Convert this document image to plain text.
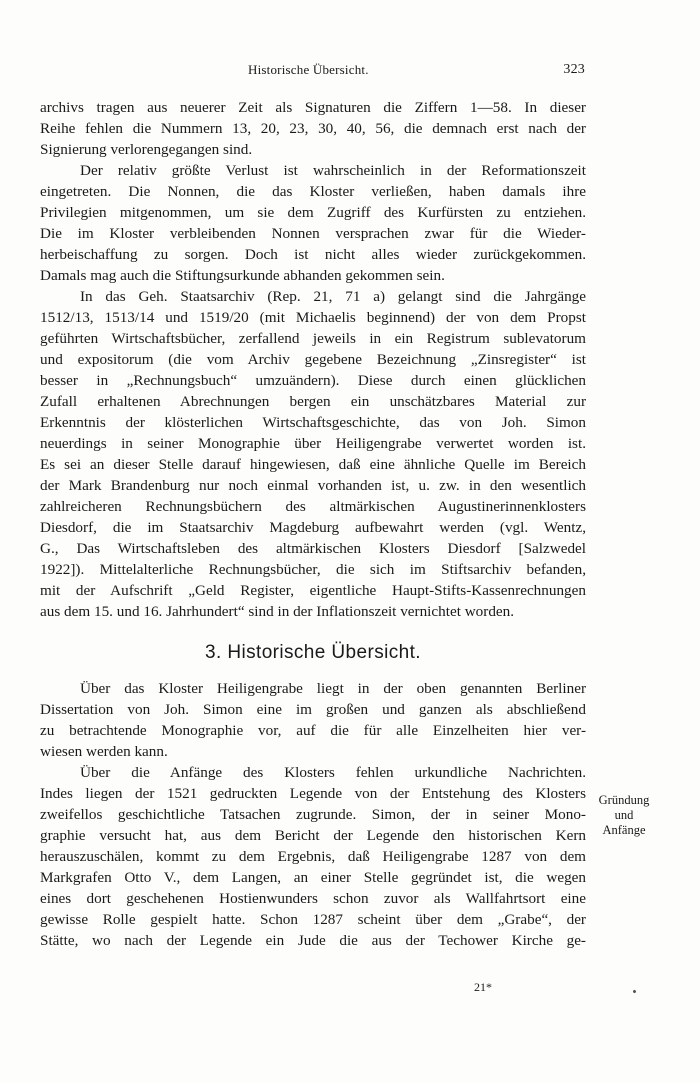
Historische Übersicht.	323
archivs tragen aus neuerer Zeit als Signaturen die Ziffern 1—58. In dieser
Reihe fehlen die Nummern 13, 20, 23, 30, 40, 56, die demnach erst nach der
Signierung verlorengegangen sind.
Der relativ größte Verlust ist wahrscheinlich in der Reformationszeit
eingetreten. Die Nonnen, die das Kloster verließen, haben damals ihre
Privilegien mitgenommen, um sie dem Zugriff des Kurfürsten zu entziehen.
Die im Kloster verbleibenden Nonnen versprachen zwar für die Wieder-
herbeischaffung zu sorgen. Doch ist nicht alles wieder zurückgekommen.
Damals mag auch die Stiftungsurkunde abhanden gekommen sein.
In das Geh. Staatsarchiv (Rep. 21, 71 a) gelangt sind die Jahrgänge
1512/13, 1513/14 und 1519/20 (mit Michaelis beginnend) der von dem Propst
geführten Wirtschaftsbücher, zerfallend jeweils in ein Registrum sublevatorum
und expositorum (die vom Archiv gegebene Bezeichnung „Zinsregister“ ist
besser in „Rechnungsbuch“ umzuändern). Diese durch einen glücklichen
Zufall erhaltenen Abrechnungen bergen ein unschätzbares Material zur
Erkenntnis der klösterlichen Wirtschaftsgeschichte, das von Joh. Simon
neuerdings in seiner Monographie über Heiligengrabe verwertet worden ist.
Es sei an dieser Stelle darauf hingewiesen, daß eine ähnliche Quelle im Bereich
der Mark Brandenburg nur noch einmal vorhanden ist, u. zw. in den wesentlich
zahlreicheren Rechnungsbüchern des altmärkischen Augustinerinnenklosters
Diesdorf, die im Staatsarchiv Magdeburg aufbewahrt werden (vgl. Wentz,
G., Das Wirtschaftsleben des altmärkischen Klosters Diesdorf [Salzwedel
1922]). Mittelalterliche Rechnungsbücher, die sich im Stiftsarchiv befanden,
mit der Aufschrift „Geld Register, eigentliche Haupt-Stifts-Kassenrechnungen
aus dem 15. und 16. Jahrhundert“ sind in der Inflationszeit vernichtet worden.
3. Historische Übersicht.
Über das Kloster Heiligengrabe liegt in der oben genannten Berliner
Dissertation von Joh. Simon eine im großen und ganzen als abschließend
zu betrachtende Monographie vor, auf die für alle Einzelheiten hier ver-
wiesen werden kann.
Über die Anfänge des Klosters fehlen urkundliche Nachrichten.
Indes liegen der 1521 gedruckten Legende von der Entstehung des Klosters
zweifellos geschichtliche Tatsachen zugrunde. Simon, der in seiner Mono-
graphie versucht hat, aus dem Bericht der Legende den historischen Kern
herauszuschälen, kommt zu dem Ergebnis, daß Heiligengrabe 1287 von dem
Markgrafen Otto V., dem Langen, an einer Stelle gegründet ist, die wegen
eines dort geschehenen Hostienwunders schon zuvor als Wallfahrtsort eine
gewisse Rolle gespielt hatte. Schon 1287 scheint über dem „Grabe“, der
Stätte, wo nach der Legende ein Jude die aus der Techower Kirche ge-
Gründung
und
Anfänge
21*
